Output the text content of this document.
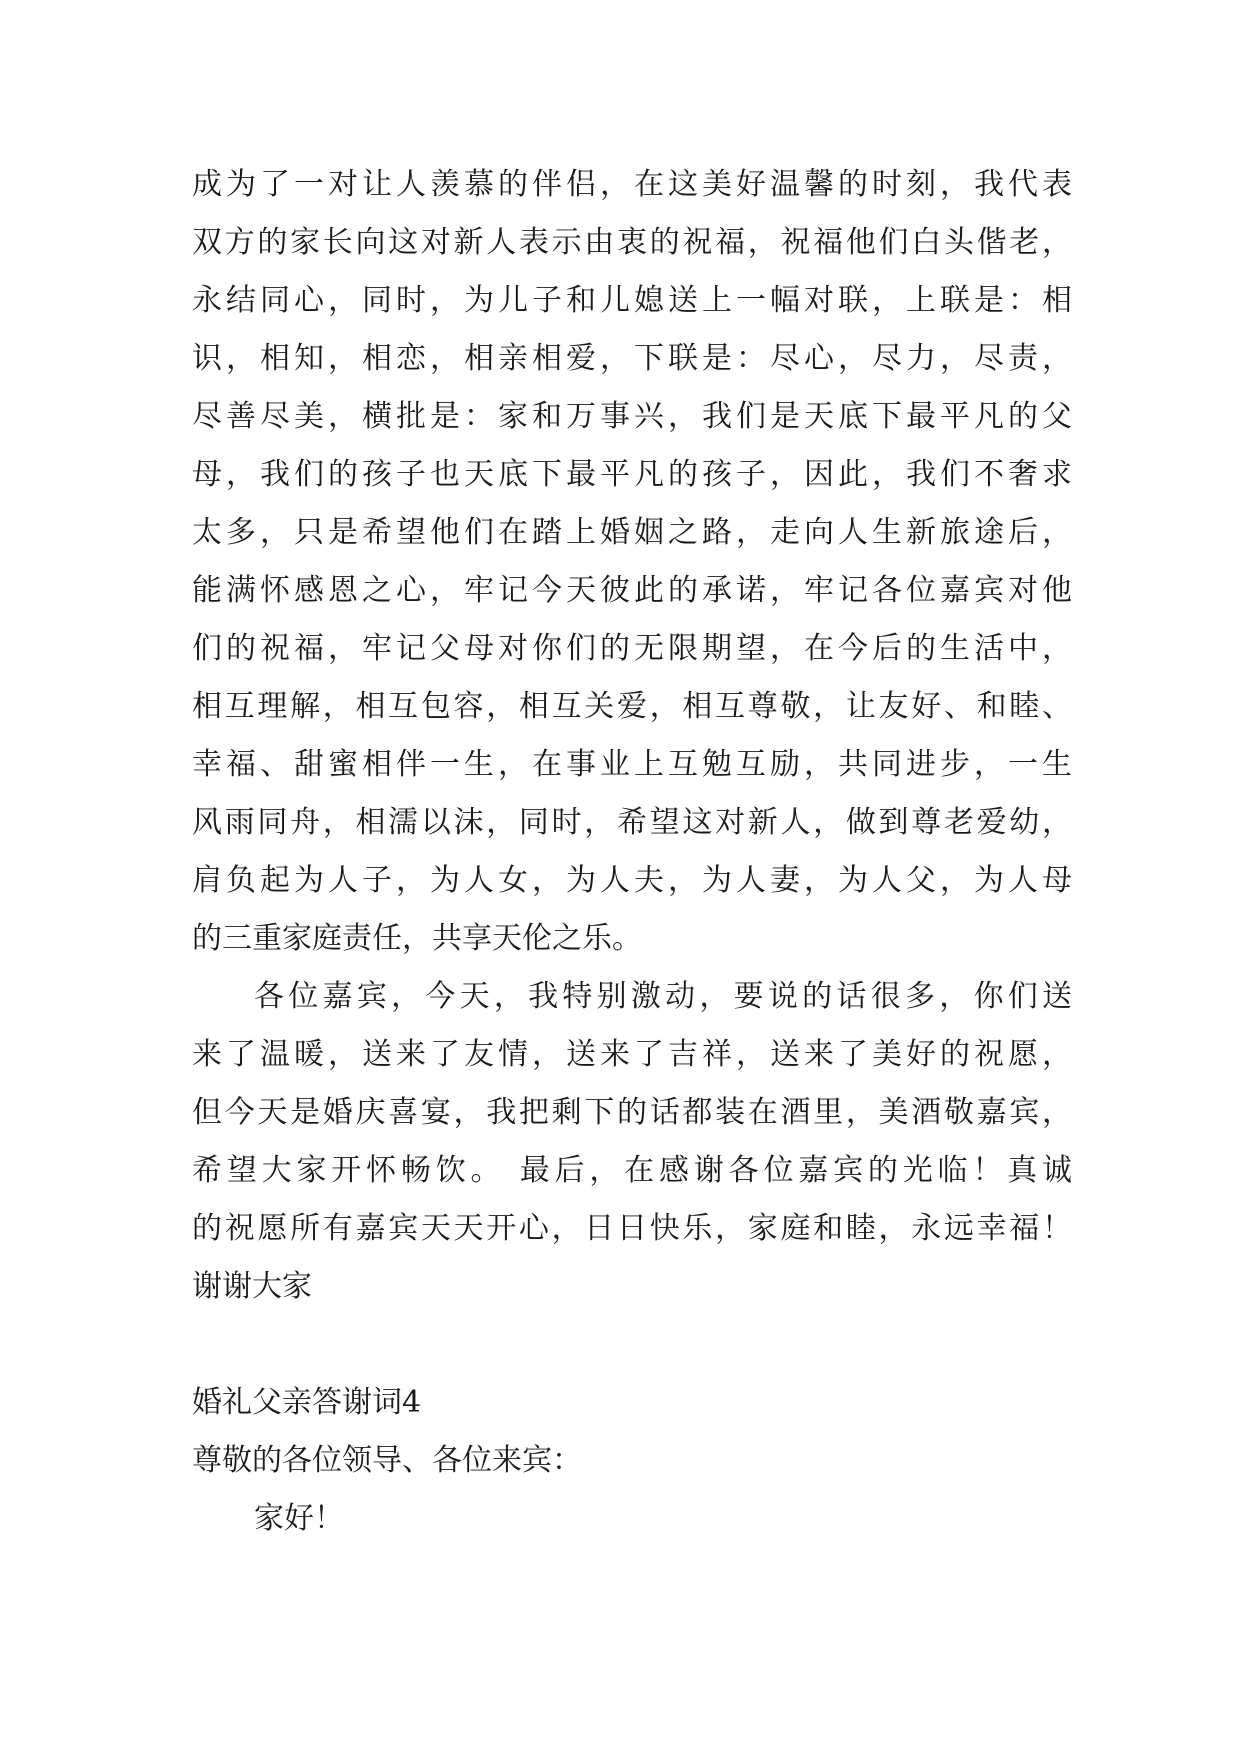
成为了一对让人羡慕的伴侣，在这美好温馨的时刻，我代表
双方的家长向这对新人表示由衷的祝福，祝福他们白头偕老，
永结同心，同时，为儿子和儿媳送上一幅对联，上联是：相
识，相知，相恋，相亲相爱，下联是：尽心，尽力，尽责，
尽善尽美，横批是：家和万事兴，我们是天底下最平凡的父
母，我们的孩子也天底下最平凡的孩子，因此，我们不奢求
太多，只是希望他们在踏上婚姻之路，走向人生新旅途后，
能满怀感恩之心，牢记今天彼此的承诺，牢记各位嘉宾对他
们的祝福，牢记父母对你们的无限期望，在今后的生活中，
相互理解，相互包容，相互关爱，相互尊敬，让友好、和睦、
幸福、甜蜜相伴一生，在事业上互勉互励，共同进步，一生
风雨同舟，相濡以沫，同时，希望这对新人，做到尊老爱幼，
肩负起为人子，为人女，为人夫，为人妻，为人父，为人母
的三重家庭责任，共享天伦之乐。
各位嘉宾，今天，我特别激动，要说的话很多，你们送
来了温暖，送来了友情，送来了吉祥，送来了美好的祝愿，
但今天是婚庆喜宴，我把剩下的话都装在酒里，美酒敬嘉宾，
希望大家开怀畅饮。 最后，在感谢各位嘉宾的光临！真诚
的祝愿所有嘉宾天天开心，日日快乐，家庭和睦，永远幸福！
谢谢大家
婚礼父亲答谢词4
尊敬的各位领导、各位来宾：
家好！
